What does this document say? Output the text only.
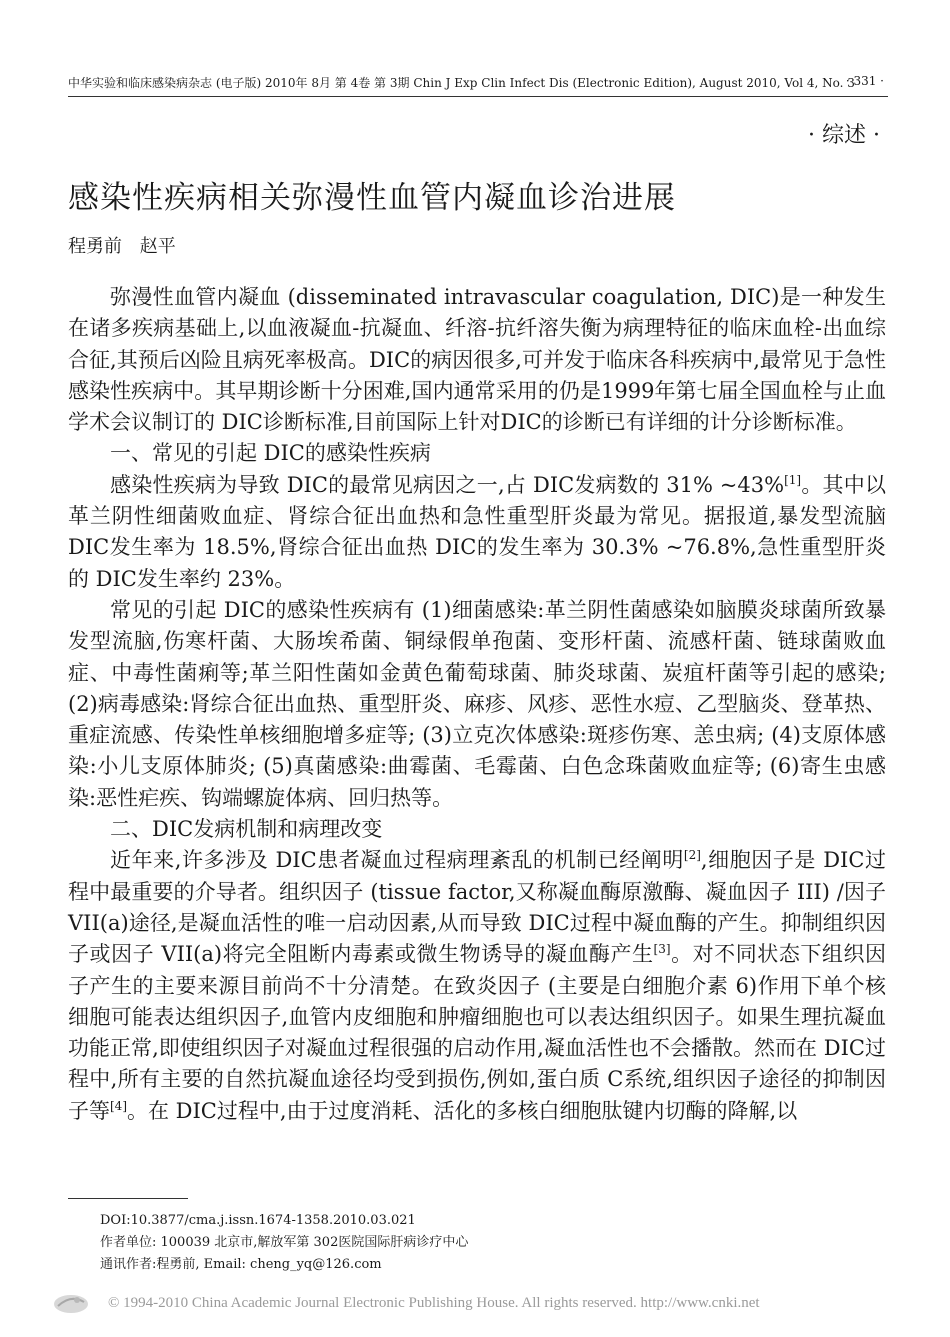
中华实验和临床感染病杂志 (电子版) 2010年 8月 第 4卷 第 3期 Chin J Exp Clin Infect Dis (Electronic Edition), August 2010, Vol 4, No. 3
· 331 ·
· 综述 ·
感染性疾病相关弥漫性血管内凝血诊治进展
程勇前 赵平

弥漫性血管内凝血 (disseminated intravascular coagulation, DIC)是一种发生在诸多疾病基础上,以血液凝血-抗凝血、纤溶-抗纤溶失衡为病理特征的临床血栓-出血综合征,其预后凶险且病死率极高。DIC的病因很多,可并发于临床各科疾病中,最常见于急性感染性疾病中。其早期诊断十分困难,国内通常采用的仍是1999年第七届全国血栓与止血学术会议制订的 DIC诊断标准,目前国际上针对DIC的诊断已有详细的计分诊断标准。

一、常见的引起 DIC的感染性疾病

感染性疾病为导致 DIC的最常见病因之一,占 DIC发病数的 31% ~43%[1]。其中以革兰阴性细菌败血症、肾综合征出血热和急性重型肝炎最为常见。据报道,暴发型流脑 DIC发生率为 18.5%,肾综合征出血热 DIC的发生率为 30.3% ~76.8%,急性重型肝炎的 DIC发生率约 23%。

常见的引起 DIC的感染性疾病有 (1)细菌感染:革兰阴性菌感染如脑膜炎球菌所致暴发型流脑,伤寒杆菌、大肠埃希菌、铜绿假单孢菌、变形杆菌、流感杆菌、链球菌败血症、中毒性菌痢等;革兰阳性菌如金黄色葡萄球菌、肺炎球菌、炭疽杆菌等引起的感染; (2)病毒感染:肾综合征出血热、重型肝炎、麻疹、风疹、恶性水痘、乙型脑炎、登革热、重症流感、传染性单核细胞增多症等; (3)立克次体感染:斑疹伤寒、恙虫病; (4)支原体感染:小儿支原体肺炎; (5)真菌感染:曲霉菌、毛霉菌、白色念珠菌败血症等; (6)寄生虫感染:恶性疟疾、钩端螺旋体病、回归热等。

二、DIC发病机制和病理改变

近年来,许多涉及 DIC患者凝血过程病理紊乱的机制已经阐明[2],细胞因子是 DIC过程中最重要的介导者。组织因子 (tissue factor,又称凝血酶原激酶、凝血因子 III) /因子 VII(a)途径,是凝血活性的唯一启动因素,从而导致 DIC过程中凝血酶的产生。抑制组织因子或因子 VII(a)将完全阻断内毒素或微生物诱导的凝血酶产生[3]。对不同状态下组织因子产生的主要来源目前尚不十分清楚。在致炎因子 (主要是白细胞介素 6)作用下单个核细胞可能表达组织因子,血管内皮细胞和肿瘤细胞也可以表达组织因子。如果生理抗凝血功能正常,即使组织因子对凝血过程很强的启动作用,凝血活性也不会播散。然而在 DIC过程中,所有主要的自然抗凝血途径均受到损伤,例如,蛋白质 C系统,组织因子途径的抑制因子等[4]。在 DIC过程中,由于过度消耗、活化的多核白细胞肽键内切酶的降解,以

DOI:10.3877/cma.j.issn.1674-1358.2010.03.021
作者单位: 100039 北京市,解放军第 302医院国际肝病诊疗中心
通讯作者:程勇前, Email: cheng_yq@126.com
© 1994-2010 China Academic Journal Electronic Publishing House. All rights reserved. http://www.cnki.net
